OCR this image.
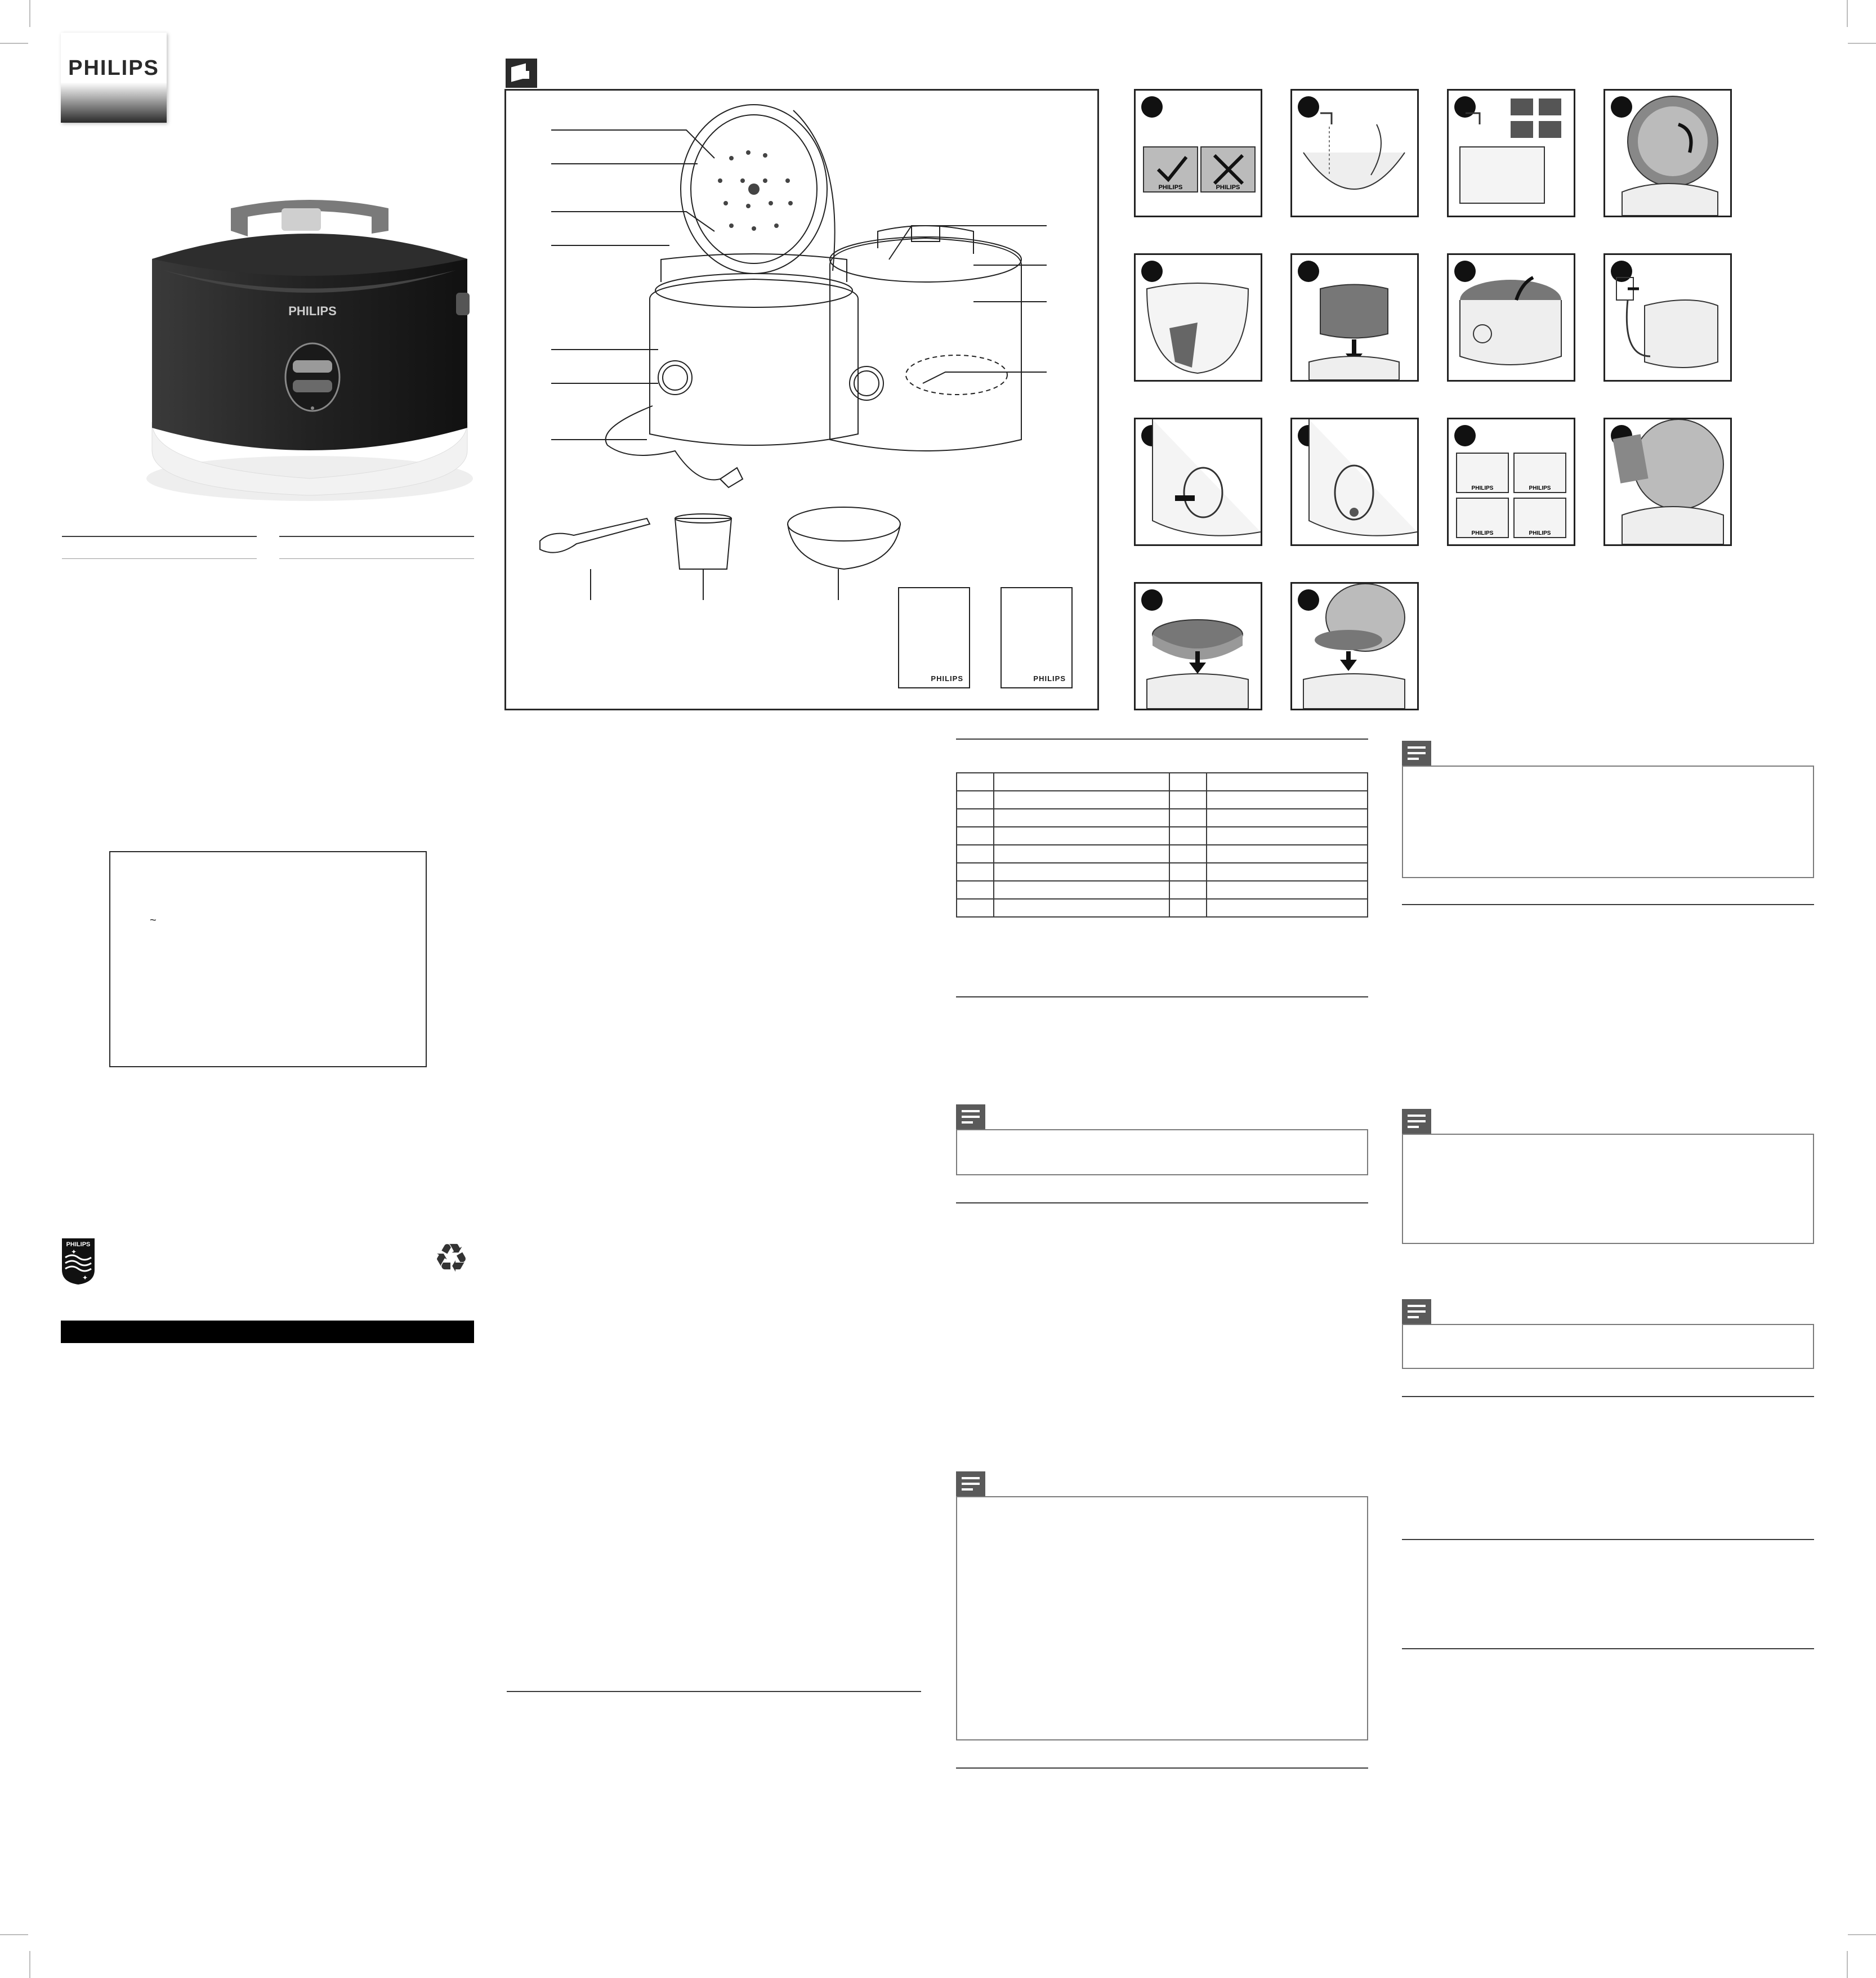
PHILIPS
PHILIPS
~
PHILIPS
✦
✦	♻
PHILIPS	PHILIPS
PHILIPS	PHILIPS
PHILIPS	PHILIPS
PHILIPS	PHILIPS
